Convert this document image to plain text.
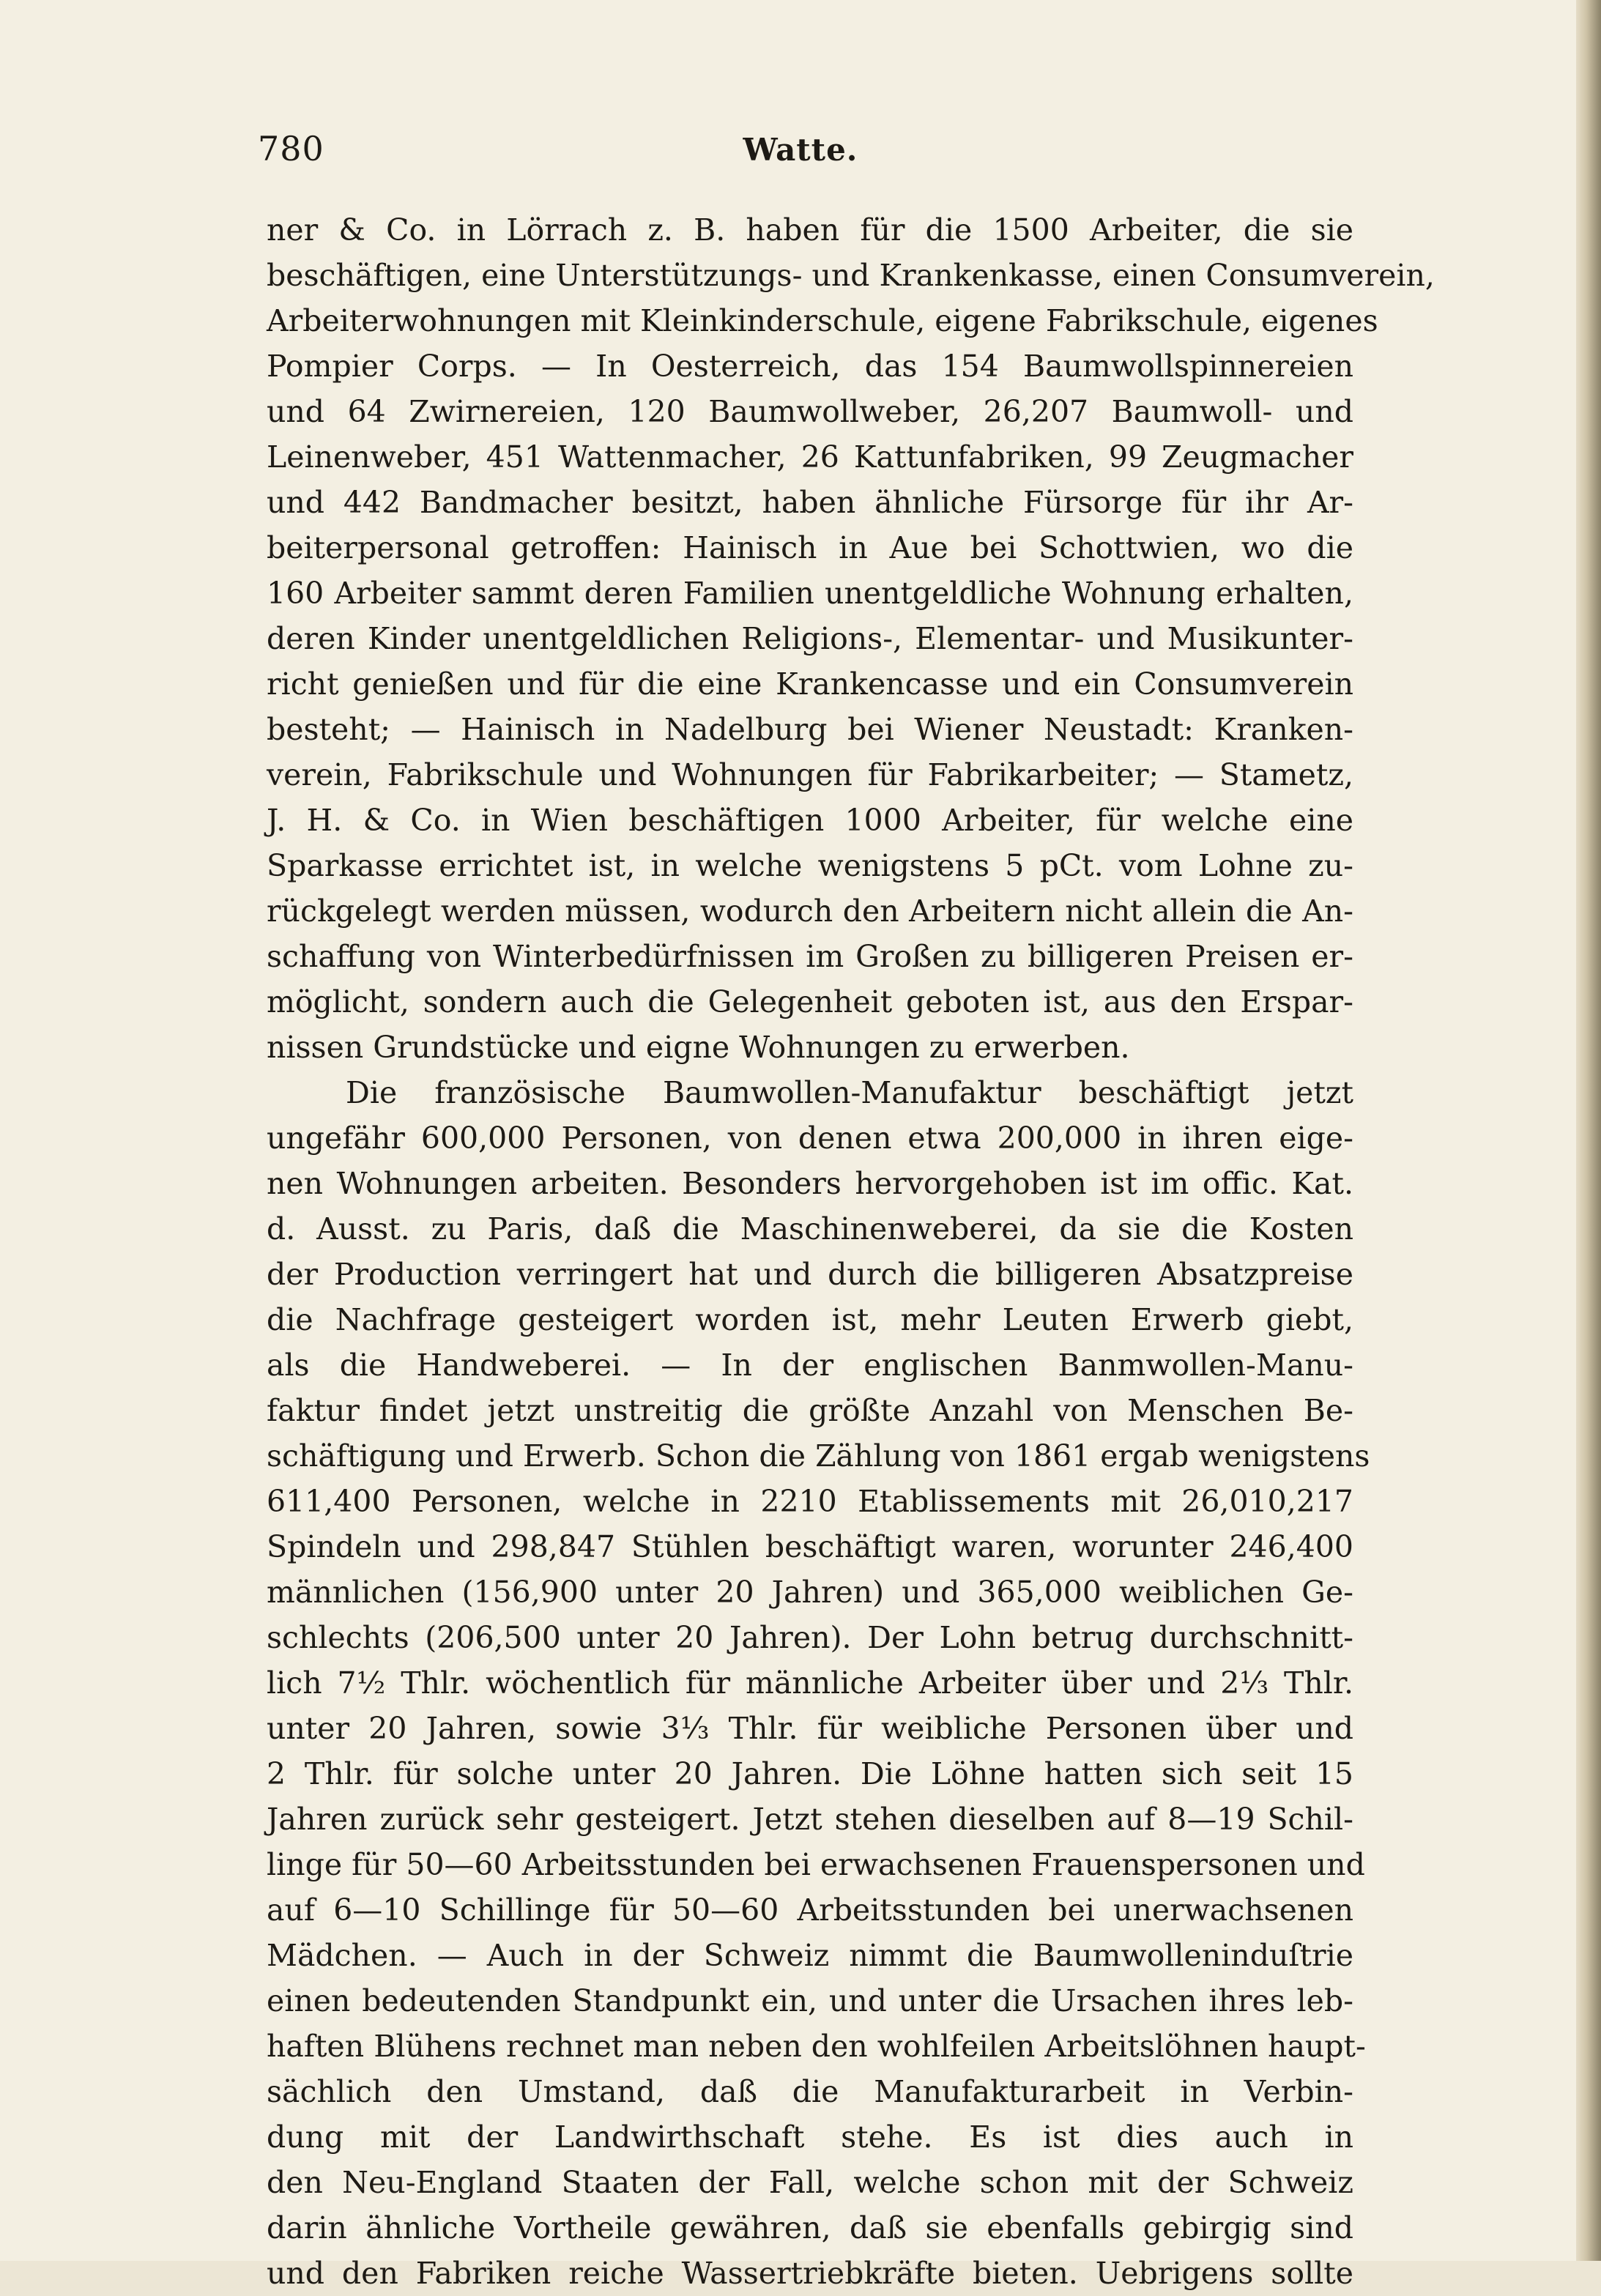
780	Watte.
ner & Co. in Lörrach z. B. haben für die 1500 Arbeiter, die sie
beschäftigen, eine Unterstützungs- und Krankenkasse, einen Consumverein,
Arbeiterwohnungen mit Kleinkinderschule, eigene Fabrikschule, eigenes
Pompier Corps. — In Oesterreich, das 154 Baumwollspinnereien
und 64 Zwirnereien, 120 Baumwollweber, 26,207 Baumwoll- und
Leinenweber, 451 Wattenmacher, 26 Kattunfabriken, 99 Zeugmacher
und 442 Bandmacher besitzt, haben ähnliche Fürsorge für ihr Ar-
beiterpersonal getroffen: Hainisch in Aue bei Schottwien, wo die
160 Arbeiter sammt deren Familien unentgeldliche Wohnung erhalten,
deren Kinder unentgeldlichen Religions-, Elementar- und Musikunter-
richt genießen und für die eine Krankencasse und ein Consumverein
besteht; — Hainisch in Nadelburg bei Wiener Neustadt: Kranken-
verein, Fabrikschule und Wohnungen für Fabrikarbeiter; — Stametz,
J. H. & Co. in Wien beschäftigen 1000 Arbeiter, für welche eine
Sparkasse errichtet ist, in welche wenigstens 5 pCt. vom Lohne zu-
rückgelegt werden müssen, wodurch den Arbeitern nicht allein die An-
schaffung von Winterbedürfnissen im Großen zu billigeren Preisen er-
möglicht, sondern auch die Gelegenheit geboten ist, aus den Erspar-
nissen Grundstücke und eigne Wohnungen zu erwerben.
Die französische Baumwollen-Manufaktur beschäftigt jetzt
ungefähr 600,000 Personen, von denen etwa 200,000 in ihren eige-
nen Wohnungen arbeiten. Besonders hervorgehoben ist im offic. Kat.
d. Ausst. zu Paris, daß die Maschinenweberei, da sie die Kosten
der Production verringert hat und durch die billigeren Absatzpreise
die Nachfrage gesteigert worden ist, mehr Leuten Erwerb giebt,
als die Handweberei. — In der englischen Banmwollen-Manu-
faktur findet jetzt unstreitig die größte Anzahl von Menschen Be-
schäftigung und Erwerb. Schon die Zählung von 1861 ergab wenigstens
611,400 Personen, welche in 2210 Etablissements mit 26,010,217
Spindeln und 298,847 Stühlen beschäftigt waren, worunter 246,400
männlichen (156,900 unter 20 Jahren) und 365,000 weiblichen Ge-
schlechts (206,500 unter 20 Jahren). Der Lohn betrug durchschnitt-
lich 7½ Thlr. wöchentlich für männliche Arbeiter über und 2⅓ Thlr.
unter 20 Jahren, sowie 3⅓ Thlr. für weibliche Personen über und
2 Thlr. für solche unter 20 Jahren. Die Löhne hatten sich seit 15
Jahren zurück sehr gesteigert. Jetzt stehen dieselben auf 8—19 Schil-
linge für 50—60 Arbeitsstunden bei erwachsenen Frauenspersonen und
auf 6—10 Schillinge für 50—60 Arbeitsstunden bei unerwachsenen
Mädchen. — Auch in der Schweiz nimmt die Baumwolleninduſtrie
einen bedeutenden Standpunkt ein, und unter die Ursachen ihres leb-
haften Blühens rechnet man neben den wohlfeilen Arbeitslöhnen haupt-
sächlich den Umstand, daß die Manufakturarbeit in Verbin-
dung mit der Landwirthschaft stehe. Es ist dies auch in
den Neu-England Staaten der Fall, welche schon mit der Schweiz
darin ähnliche Vortheile gewähren, daß sie ebenfalls gebirgig sind
und den Fabriken reiche Wassertriebkräfte bieten. Uebrigens sollte
